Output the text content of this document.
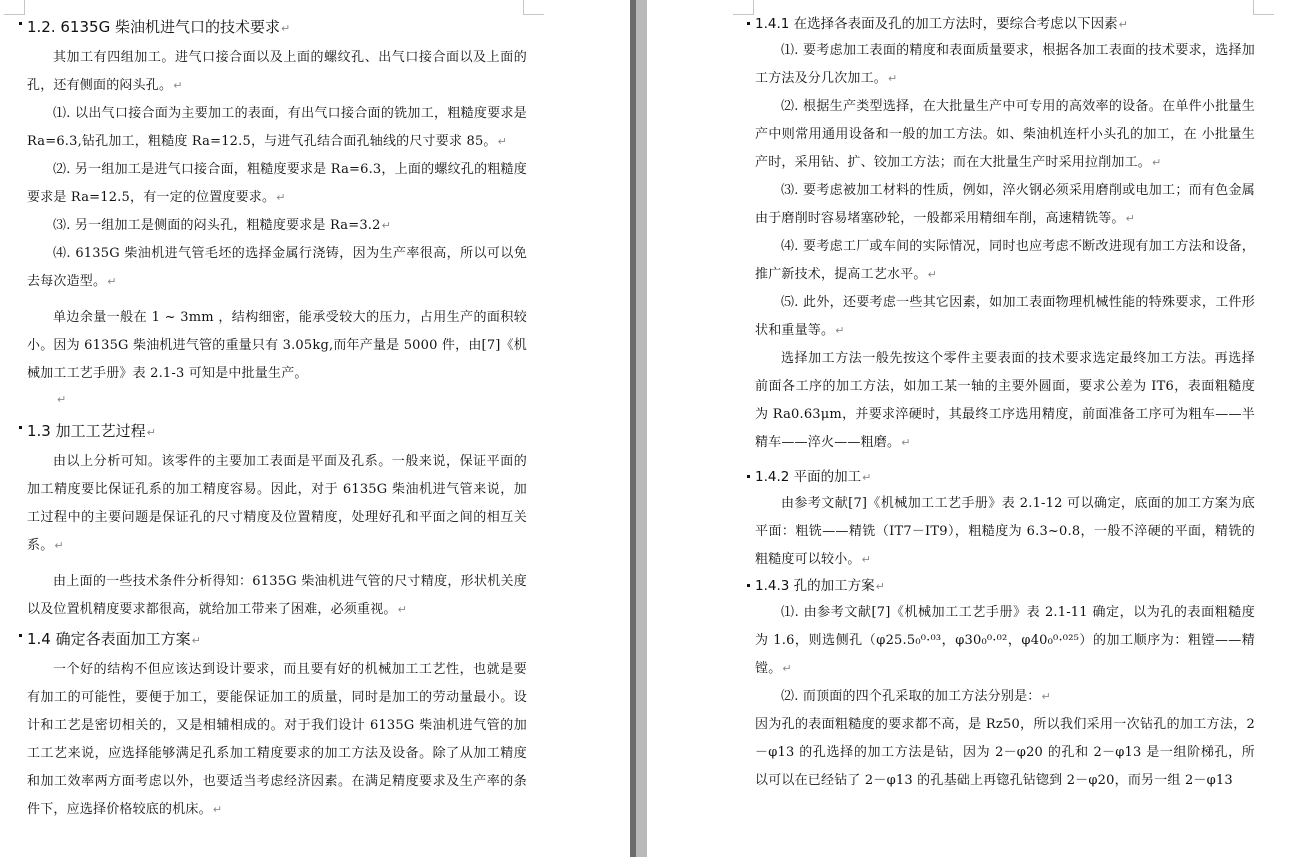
1.2. 6135G 柴油机进气口的技术要求↵

其加工有四组加工。进气口接合面以及上面的螺纹孔、出气口接合面以及上面的孔，还有侧面的闷头孔。↵

⑴. 以出气口接合面为主要加工的表面，有出气口接合面的铣加工，粗糙度要求是 Ra=6.3,钻孔加工，粗糙度 Ra=12.5，与进气孔结合面孔轴线的尺寸要求 85。↵

⑵. 另一组加工是进气口接合面，粗糙度要求是 Ra=6.3，上面的螺纹孔的粗糙度要求是 Ra=12.5，有一定的位置度要求。↵

⑶. 另一组加工是侧面的闷头孔，粗糙度要求是 Ra=3.2↵

⑷. 6135G 柴油机进气管毛坯的选择金属行浇铸，因为生产率很高，所以可以免去每次造型。↵

单边余量一般在 1 ~ 3mm ，结构细密，能承受较大的压力，占用生产的面积较小。因为 6135G 柴油机进气管的重量只有 3.05kg,而年产量是 5000 件，由[7]《机械加工工艺手册》表 2.1-3 可知是中批量生产。

↵
1.3 加工工艺过程↵

由以上分析可知。该零件的主要加工表面是平面及孔系。一般来说，保证平面的加工精度要比保证孔系的加工精度容易。因此，对于 6135G 柴油机进气管来说，加工过程中的主要问题是保证孔的尺寸精度及位置精度，处理好孔和平面之间的相互关系。↵

由上面的一些技术条件分析得知：6135G 柴油机进气管的尺寸精度，形状机关度以及位置机精度要求都很高，就给加工带来了困难，必须重视。↵

1.4 确定各表面加工方案↵

一个好的结构不但应该达到设计要求，而且要有好的机械加工工艺性，也就是要有加工的可能性，要便于加工，要能保证加工的质量，同时是加工的劳动量最小。设计和工艺是密切相关的，又是相辅相成的。对于我们设计 6135G 柴油机进气管的加工工艺来说，应选择能够满足孔系加工精度要求的加工方法及设备。除了从加工精度和加工效率两方面考虑以外，也要适当考虑经济因素。在满足精度要求及生产率的条件下，应选择价格较底的机床。↵

1.4.1 在选择各表面及孔的加工方法时，要综合考虑以下因素↵

⑴. 要考虑加工表面的精度和表面质量要求，根据各加工表面的技术要求，选择加工方法及分几次加工。↵

⑵. 根据生产类型选择，在大批量生产中可专用的高效率的设备。在单件小批量生产中则常用通用设备和一般的加工方法。如、柴油机连杆小头孔的加工，在 小批量生产时，采用钻、扩、铰加工方法；而在大批量生产时采用拉削加工。↵

⑶. 要考虑被加工材料的性质，例如，淬火钢必须采用磨削或电加工；而有色金属由于磨削时容易堵塞砂轮，一般都采用精细车削，高速精铣等。↵

⑷. 要考虑工厂或车间的实际情况，同时也应考虑不断改进现有加工方法和设备，推广新技术，提高工艺水平。↵

⑸. 此外，还要考虑一些其它因素，如加工表面物理机械性能的特殊要求，工件形状和重量等。↵

选择加工方法一般先按这个零件主要表面的技术要求选定最终加工方法。再选择前面各工序的加工方法，如加工某一轴的主要外圆面，要求公差为 IT6，表面粗糙度为 Ra0.63μm，并要求淬硬时，其最终工序选用精度，前面准备工序可为粗车——半精车——淬火——粗磨。↵

1.4.2 平面的加工↵

由参考文献[7]《机械加工工艺手册》表 2.1-12 可以确定，底面的加工方案为底平面：粗铣——精铣（IT7－IT9），粗糙度为 6.3~0.8，一般不淬硬的平面，精铣的粗糙度可以较小。↵

1.4.3 孔的加工方案↵

⑴. 由参考文献[7]《机械加工工艺手册》表 2.1-11 确定，以为孔的表面粗糙度为 1.6，则选侧孔（φ25.5₀⁰·⁰³，φ30₀⁰·⁰²，φ40₀⁰·⁰²⁵）的加工顺序为：粗镗——精镗。↵

⑵. 而顶面的四个孔采取的加工方法分别是：↵

因为孔的表面粗糙度的要求都不高，是 Rz50，所以我们采用一次钻孔的加工方法，2－φ13 的孔选择的加工方法是钻，因为 2－φ20 的孔和 2－φ13 是一组阶梯孔，所以可以在已经钻了 2－φ13 的孔基础上再锪孔钻锪到 2－φ20，而另一组 2－φ13
